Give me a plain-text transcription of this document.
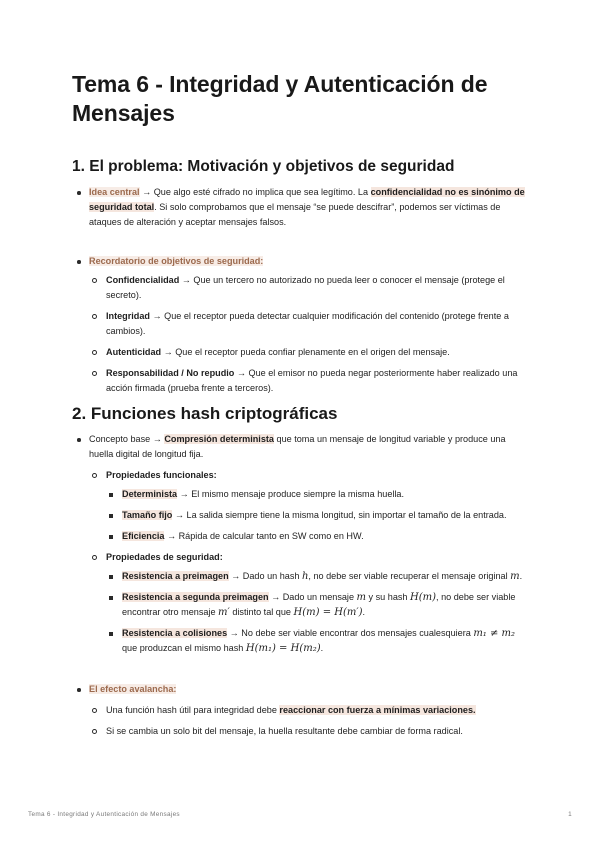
Tema 6 - Integridad y Autenticación de Mensajes
1. El problema: Motivación y objetivos de seguridad
Idea central → Que algo esté cifrado no implica que sea legítimo. La confidencialidad no es sinónimo de seguridad total. Si solo comprobamos que el mensaje “se puede descifrar”, podemos ser víctimas de ataques de alteración y aceptar mensajes falsos.
Recordatorio de objetivos de seguridad:
Confidencialidad → Que un tercero no autorizado no pueda leer o conocer el mensaje (protege el secreto).
Integridad → Que el receptor pueda detectar cualquier modificación del contenido (protege frente a cambios).
Autenticidad → Que el receptor pueda confiar plenamente en el origen del mensaje.
Responsabilidad / No repudio → Que el emisor no pueda negar posteriormente haber realizado una acción firmada (prueba frente a terceros).
2. Funciones hash criptográficas
Concepto base → Compresión determinista que toma un mensaje de longitud variable y produce una huella digital de longitud fija.
Propiedades funcionales:
Determinista → El mismo mensaje produce siempre la misma huella.
Tamaño fijo → La salida siempre tiene la misma longitud, sin importar el tamaño de la entrada.
Eficiencia → Rápida de calcular tanto en SW como en HW.
Propiedades de seguridad:
Resistencia a preimagen → Dado un hash h, no debe ser viable recuperar el mensaje original m.
Resistencia a segunda preimagen → Dado un mensaje m y su hash H(m), no debe ser viable encontrar otro mensaje m′ distinto tal que H(m) = H(m′).
Resistencia a colisiones → No debe ser viable encontrar dos mensajes cualesquiera m₁ ≠ m₂ que produzcan el mismo hash H(m₁) = H(m₂).
El efecto avalancha:
Una función hash útil para integridad debe reaccionar con fuerza a mínimas variaciones.
Si se cambia un solo bit del mensaje, la huella resultante debe cambiar de forma radical.
Tema 6 - Integridad y Autenticación de Mensajes	1
